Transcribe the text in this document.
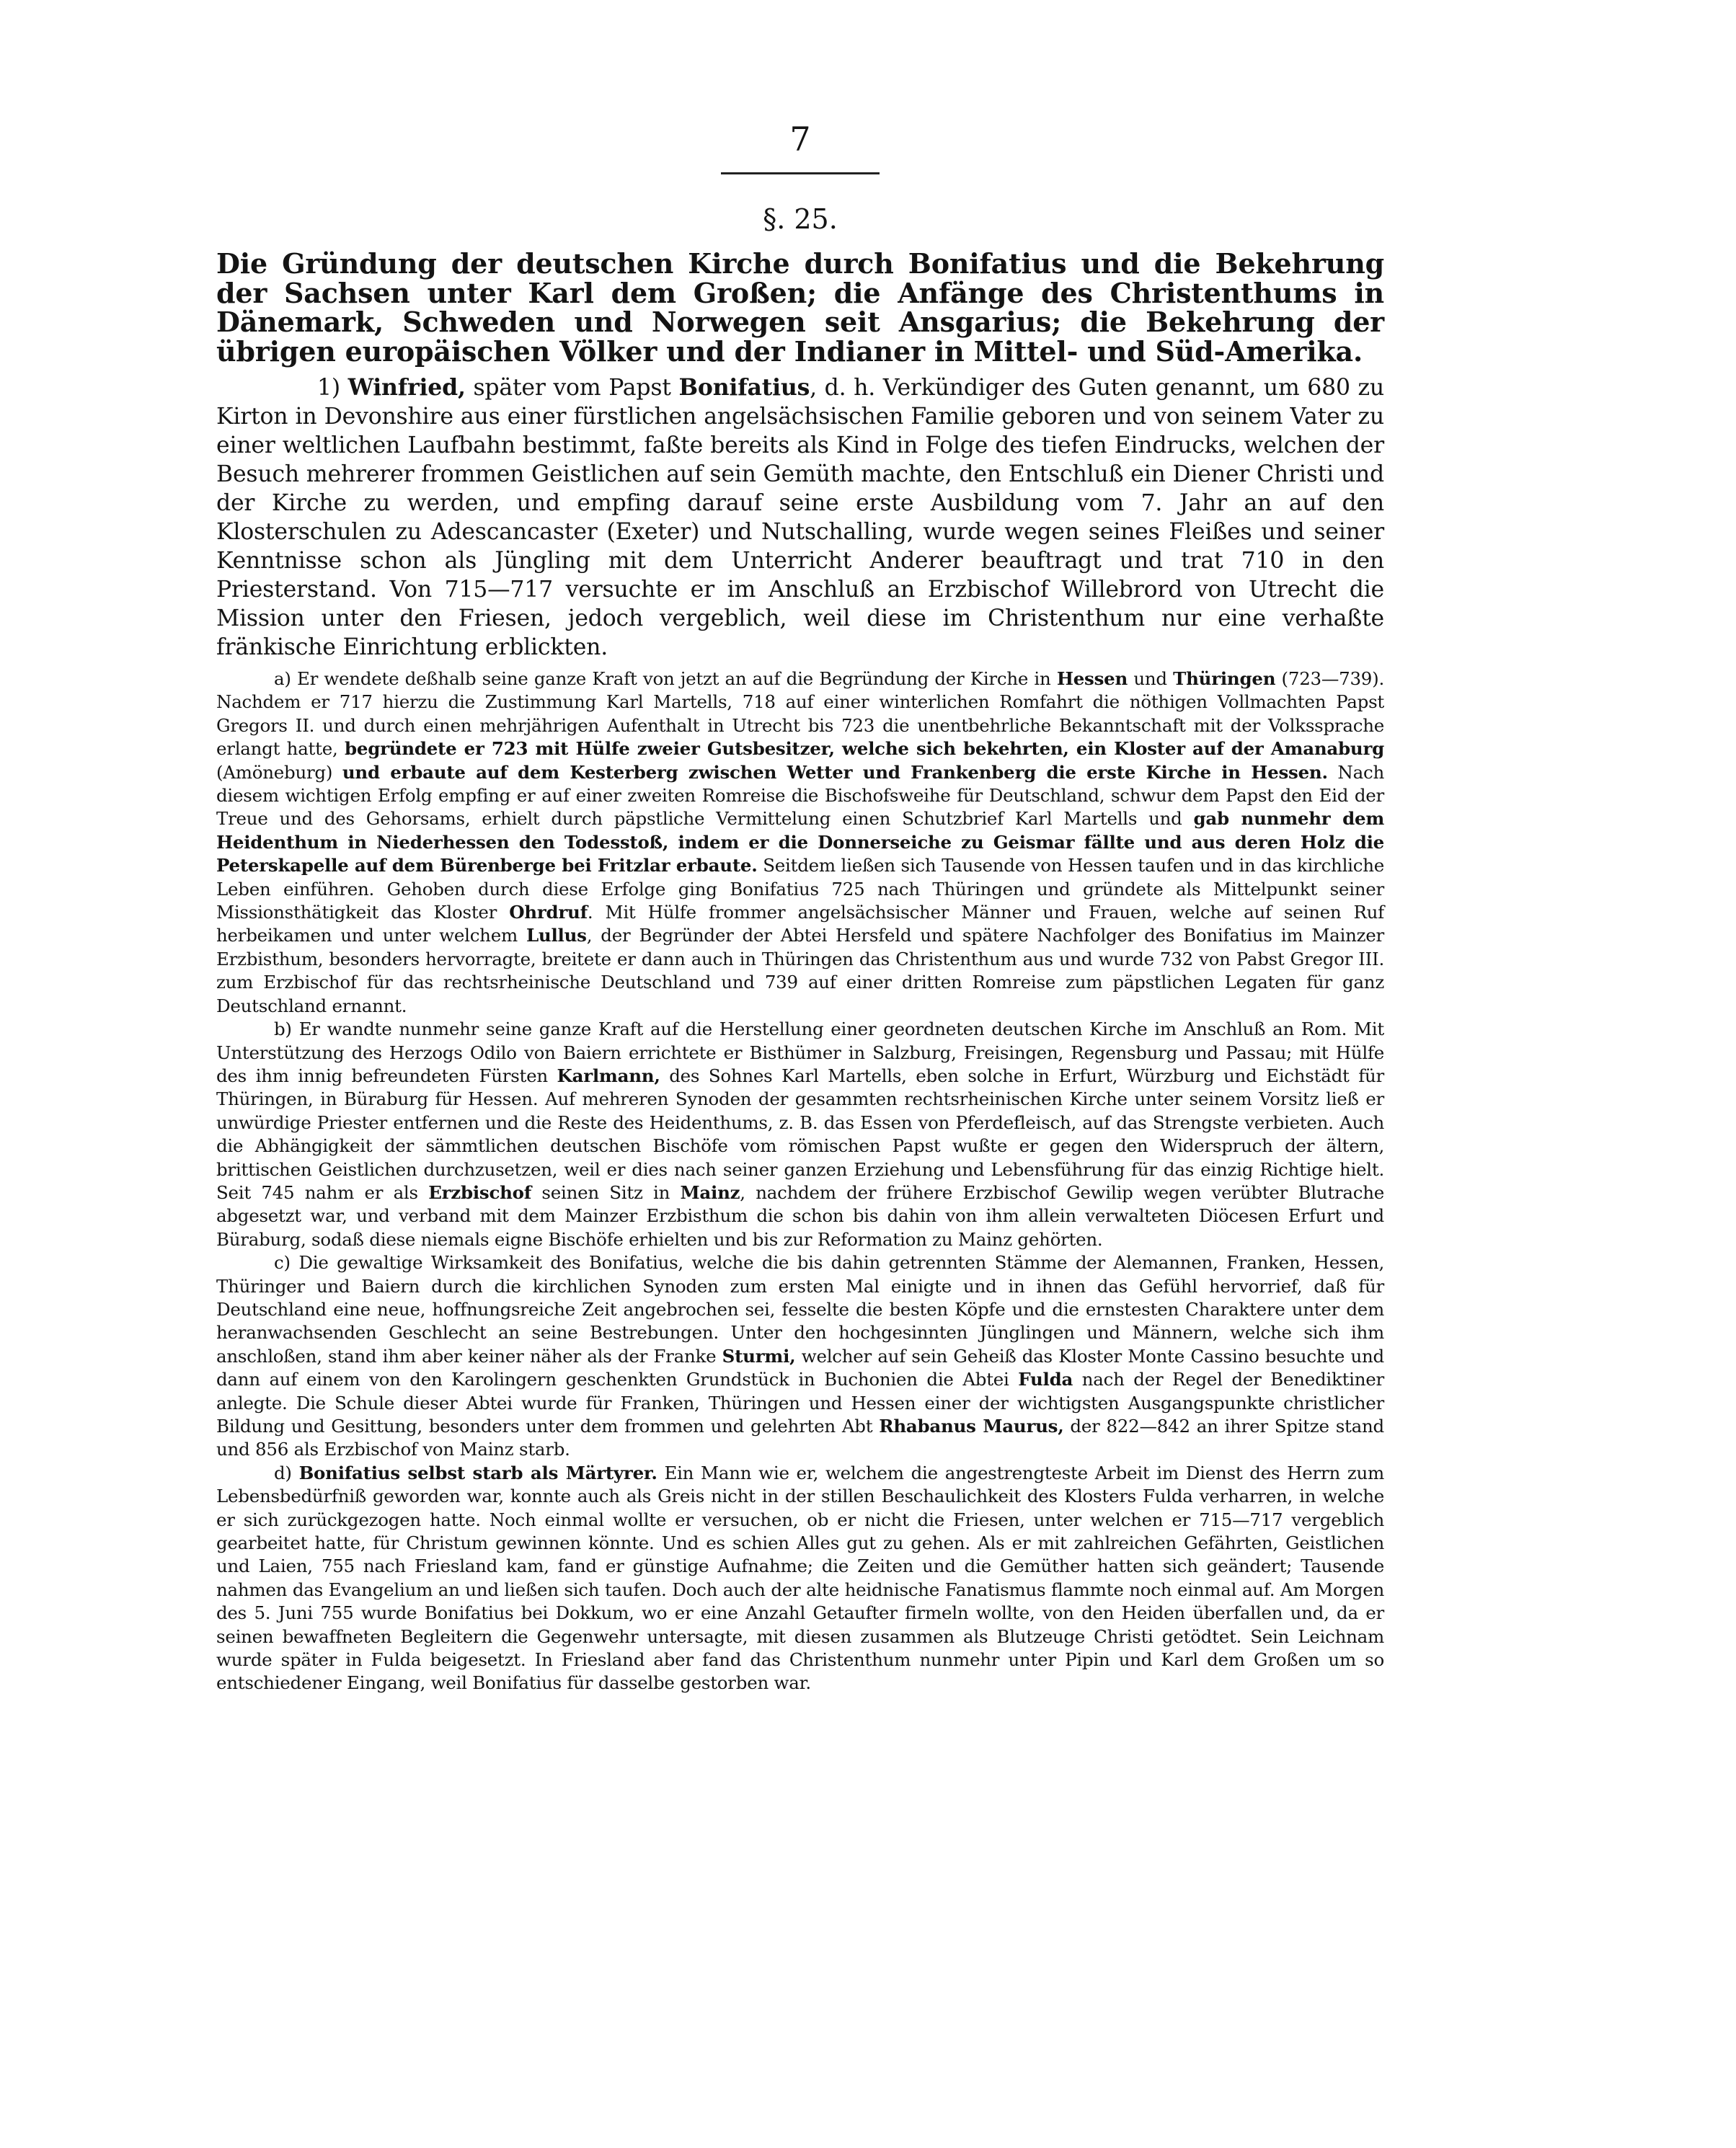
7
§. 25.
Die Gründung der deutschen Kirche durch Bonifatius und die Bekehrung der Sachsen unter Karl dem Großen; die Anfänge des Christenthums in Dänemark, Schweden und Norwegen seit Ansgarius; die Bekehrung der übrigen europäischen Völker und der Indianer in Mittel- und Süd-Amerika.

1) Winfried, später vom Papst Bonifatius, d. h. Verkündiger des Guten genannt, um 680 zu Kirton in Devonshire aus einer fürstlichen angelsächsischen Familie geboren und von seinem Vater zu einer weltlichen Laufbahn bestimmt, faßte bereits als Kind in Folge des tiefen Eindrucks, welchen der Besuch mehrerer frommen Geistlichen auf sein Gemüth machte, den Entschluß ein Diener Christi und der Kirche zu werden, und empfing darauf seine erste Ausbildung vom 7. Jahr an auf den Klosterschulen zu Adescancaster (Exeter) und Nutschalling, wurde wegen seines Fleißes und seiner Kenntnisse schon als Jüngling mit dem Unterricht Anderer beauftragt und trat 710 in den Priesterstand. Von 715—717 versuchte er im Anschluß an Erzbischof Willebrord von Utrecht die Mission unter den Friesen, jedoch vergeblich, weil diese im Christenthum nur eine verhaßte fränkische Einrichtung erblickten.

a) Er wendete deßhalb seine ganze Kraft von jetzt an auf die Begründung der Kirche in Hessen und Thüringen (723—739). Nachdem er 717 hierzu die Zustimmung Karl Martells, 718 auf einer winterlichen Romfahrt die nöthigen Vollmachten Papst Gregors II. und durch einen mehrjährigen Aufenthalt in Utrecht bis 723 die unentbehrliche Bekanntschaft mit der Volkssprache erlangt hatte, begründete er 723 mit Hülfe zweier Gutsbesitzer, welche sich bekehrten, ein Kloster auf der Amanaburg (Amöneburg) und erbaute auf dem Kesterberg zwischen Wetter und Frankenberg die erste Kirche in Hessen. Nach diesem wichtigen Erfolg empfing er auf einer zweiten Romreise die Bischofsweihe für Deutschland, schwur dem Papst den Eid der Treue und des Gehorsams, erhielt durch päpstliche Vermittelung einen Schutzbrief Karl Martells und gab nunmehr dem Heidenthum in Niederhessen den Todesstoß, indem er die Donnerseiche zu Geismar fällte und aus deren Holz die Peterskapelle auf dem Bürenberge bei Fritzlar erbaute. Seitdem ließen sich Tausende von Hessen taufen und in das kirchliche Leben einführen. Gehoben durch diese Erfolge ging Bonifatius 725 nach Thüringen und gründete als Mittelpunkt seiner Missionsthätigkeit das Kloster Ohrdruf. Mit Hülfe frommer angelsächsischer Männer und Frauen, welche auf seinen Ruf herbeikamen und unter welchem Lullus, der Begründer der Abtei Hersfeld und spätere Nachfolger des Bonifatius im Mainzer Erzbisthum, besonders hervorragte, breitete er dann auch in Thüringen das Christenthum aus und wurde 732 von Pabst Gregor III. zum Erzbischof für das rechtsrheinische Deutschland und 739 auf einer dritten Romreise zum päpstlichen Legaten für ganz Deutschland ernannt.

b) Er wandte nunmehr seine ganze Kraft auf die Herstellung einer geordneten deutschen Kirche im Anschluß an Rom. Mit Unterstützung des Herzogs Odilo von Baiern errichtete er Bisthümer in Salzburg, Freisingen, Regensburg und Passau; mit Hülfe des ihm innig befreundeten Fürsten Karlmann, des Sohnes Karl Martells, eben solche in Erfurt, Würzburg und Eichstädt für Thüringen, in Büraburg für Hessen. Auf mehreren Synoden der gesammten rechtsrheinischen Kirche unter seinem Vorsitz ließ er unwürdige Priester entfernen und die Reste des Heidenthums, z. B. das Essen von Pferdefleisch, auf das Strengste verbieten. Auch die Abhängigkeit der sämmtlichen deutschen Bischöfe vom römischen Papst wußte er gegen den Widerspruch der ältern, brittischen Geistlichen durchzusetzen, weil er dies nach seiner ganzen Erziehung und Lebensführung für das einzig Richtige hielt. Seit 745 nahm er als Erzbischof seinen Sitz in Mainz, nachdem der frühere Erzbischof Gewilip wegen verübter Blutrache abgesetzt war, und verband mit dem Mainzer Erzbisthum die schon bis dahin von ihm allein verwalteten Diöcesen Erfurt und Büraburg, sodaß diese niemals eigne Bischöfe erhielten und bis zur Reformation zu Mainz gehörten.

c) Die gewaltige Wirksamkeit des Bonifatius, welche die bis dahin getrennten Stämme der Alemannen, Franken, Hessen, Thüringer und Baiern durch die kirchlichen Synoden zum ersten Mal einigte und in ihnen das Gefühl hervorrief, daß für Deutschland eine neue, hoffnungsreiche Zeit angebrochen sei, fesselte die besten Köpfe und die ernstesten Charaktere unter dem heranwachsenden Geschlecht an seine Bestrebungen. Unter den hochgesinnten Jünglingen und Männern, welche sich ihm anschloßen, stand ihm aber keiner näher als der Franke Sturmi, welcher auf sein Geheiß das Kloster Monte Cassino besuchte und dann auf einem von den Karolingern geschenkten Grundstück in Buchonien die Abtei Fulda nach der Regel der Benediktiner anlegte. Die Schule dieser Abtei wurde für Franken, Thüringen und Hessen einer der wichtigsten Ausgangspunkte christlicher Bildung und Gesittung, besonders unter dem frommen und gelehrten Abt Rhabanus Maurus, der 822—842 an ihrer Spitze stand und 856 als Erzbischof von Mainz starb.

d) Bonifatius selbst starb als Märtyrer. Ein Mann wie er, welchem die angestrengteste Arbeit im Dienst des Herrn zum Lebensbedürfniß geworden war, konnte auch als Greis nicht in der stillen Beschaulichkeit des Klosters Fulda verharren, in welche er sich zurückgezogen hatte. Noch einmal wollte er versuchen, ob er nicht die Friesen, unter welchen er 715—717 vergeblich gearbeitet hatte, für Christum gewinnen könnte. Und es schien Alles gut zu gehen. Als er mit zahlreichen Gefährten, Geistlichen und Laien, 755 nach Friesland kam, fand er günstige Aufnahme; die Zeiten und die Gemüther hatten sich geändert; Tausende nahmen das Evangelium an und ließen sich taufen. Doch auch der alte heidnische Fanatismus flammte noch einmal auf. Am Morgen des 5. Juni 755 wurde Bonifatius bei Dokkum, wo er eine Anzahl Getaufter firmeln wollte, von den Heiden überfallen und, da er seinen bewaffneten Begleitern die Gegenwehr untersagte, mit diesen zusammen als Blutzeuge Christi getödtet. Sein Leichnam wurde später in Fulda beigesetzt. In Friesland aber fand das Christenthum nunmehr unter Pipin und Karl dem Großen um so entschiedener Eingang, weil Bonifatius für dasselbe gestorben war.
